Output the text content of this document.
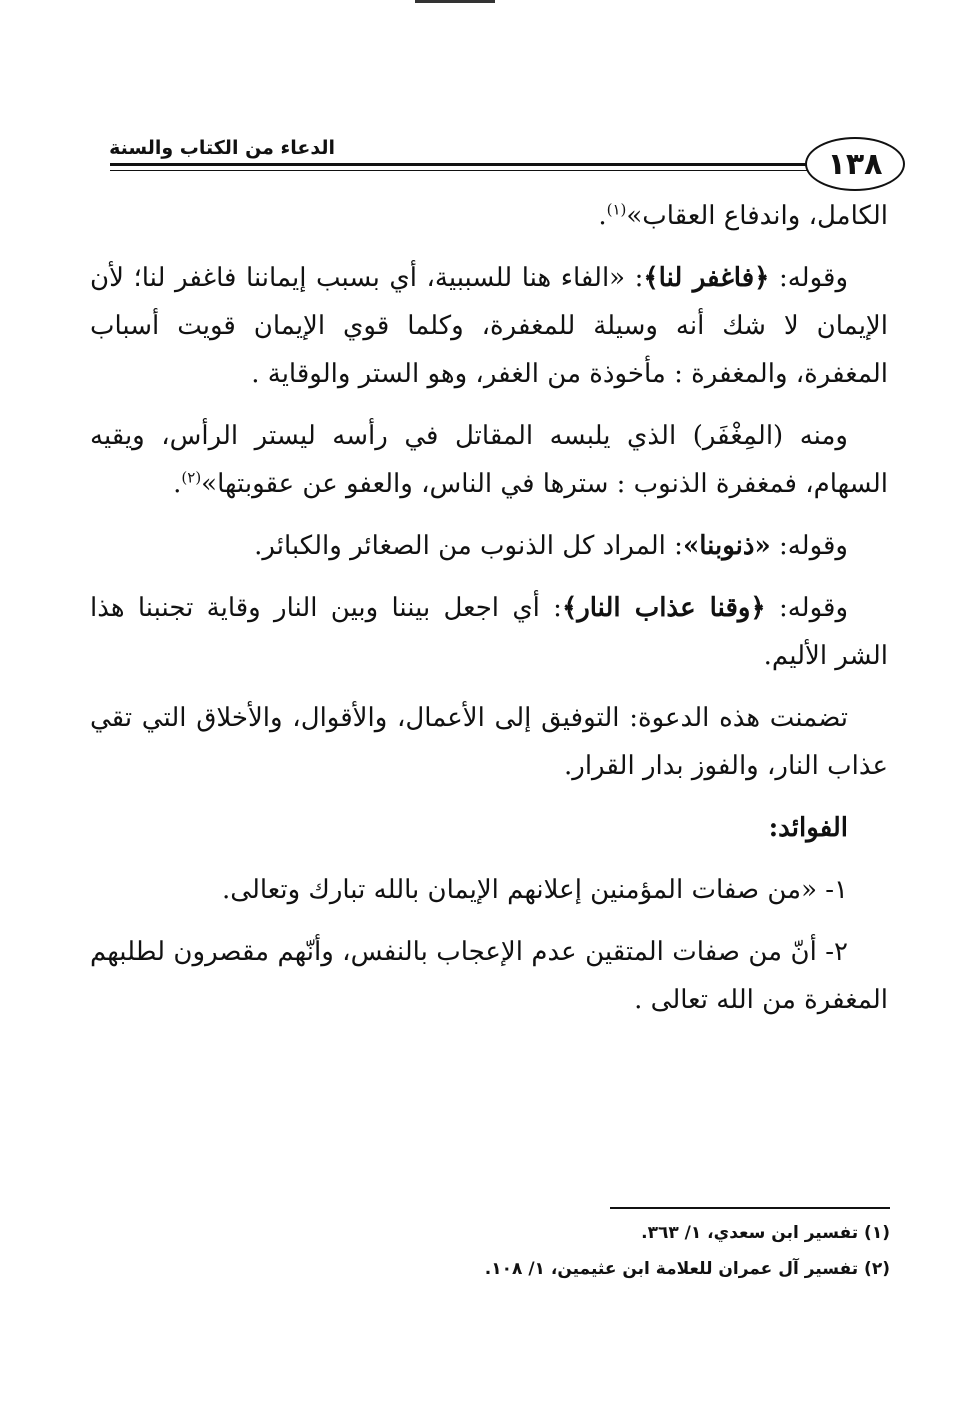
الدعاء من الكتاب والسنة	١٣٨

الكامل، واندفاع العقاب»$^{(١)}$.

وقوله: ﴿فاغفر لنا﴾: «الفاء هنا للسببية، أي بسبب إيماننا فاغفر لنا؛ لأن الإيمان لا شك أنه وسيلة للمغفرة، وكلما قوي الإيمان قويت أسباب المغفرة، والمغفرة : مأخوذة من الغفر، وهو الستر والوقاية .

ومنه (المِغْفَر) الذي يلبسه المقاتل في رأسه ليستر الرأس، ويقيه السهام، فمغفرة الذنوب : سترها في الناس، والعفو عن عقوبتها»$^{(٢)}$.

وقوله: «ذنوبنا»: المراد كل الذنوب من الصغائر والكبائر.

وقوله: ﴿وقنا عذاب النار﴾: أي اجعل بيننا وبين النار وقاية تجنبنا هذا الشر الأليم.

تضمنت هذه الدعوة: التوفيق إلى الأعمال، والأقوال، والأخلاق التي تقي عذاب النار، والفوز بدار القرار.

الفوائد:

١- «من صفات المؤمنين إعلانهم الإيمان بالله تبارك وتعالى.

٢- أنّ من صفات المتقين عدم الإعجاب بالنفس، وأنّهم مقصرون لطلبهم المغفرة من الله تعالى .

(١) تفسير ابن سعدي، ١/ ٣٦٣.
(٢) تفسير آل عمران للعلامة ابن عثيمين، ١/ ١٠٨.
